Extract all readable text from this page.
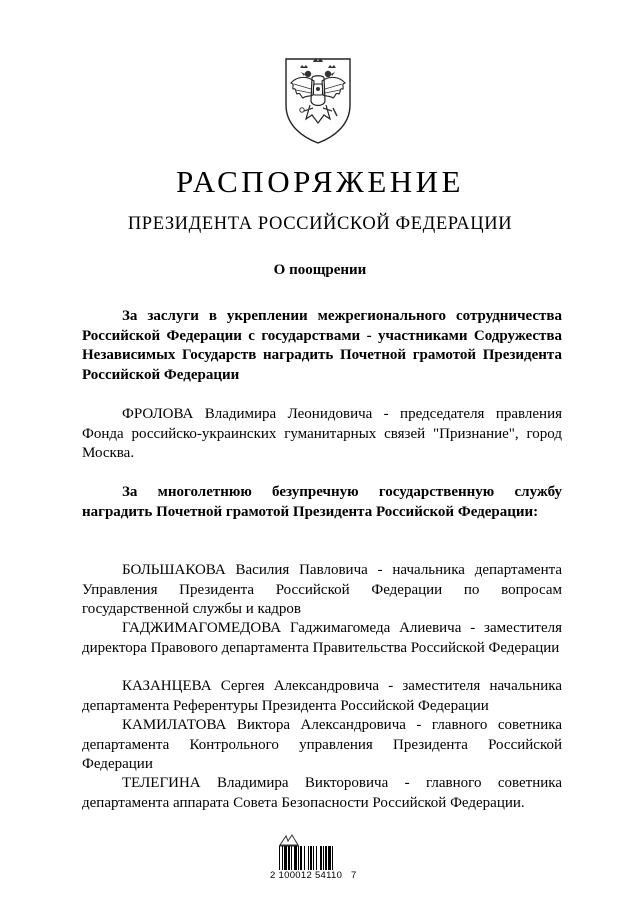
РАСПОРЯЖЕНИЕ
ПРЕЗИДЕНТА РОССИЙСКОЙ ФЕДЕРАЦИИ
О поощрении

За заслуги в укреплении межрегионального сотрудничества Российской Федерации с государствами - участниками Содружества Независимых Государств наградить Почетной грамотой Президента Российской Федерации

ФРОЛОВА Владимира Леонидовича - председателя правления Фонда российско-украинских гуманитарных связей "Признание", город Москва.

За многолетнюю безупречную государственную службу наградить Почетной грамотой Президента Российской Федерации:

БОЛЬШАКОВА Василия Павловича - начальника департамента Управления Президента Российской Федерации по вопросам государственной службы и кадров

ГАДЖИМАГОМЕДОВА Гаджимагомеда Алиевича - заместителя директора Правового департамента Правительства Российской Федерации

КАЗАНЦЕВА Сергея Александровича - заместителя начальника департамента Референтуры Президента Российской Федерации

КАМИЛАТОВА Виктора Александровича - главного советника департамента Контрольного управления Президента Российской Федерации

ТЕЛЕГИНА Владимира Викторовича - главного советника департамента аппарата Совета Безопасности Российской Федерации.

2 100012 54110   7
